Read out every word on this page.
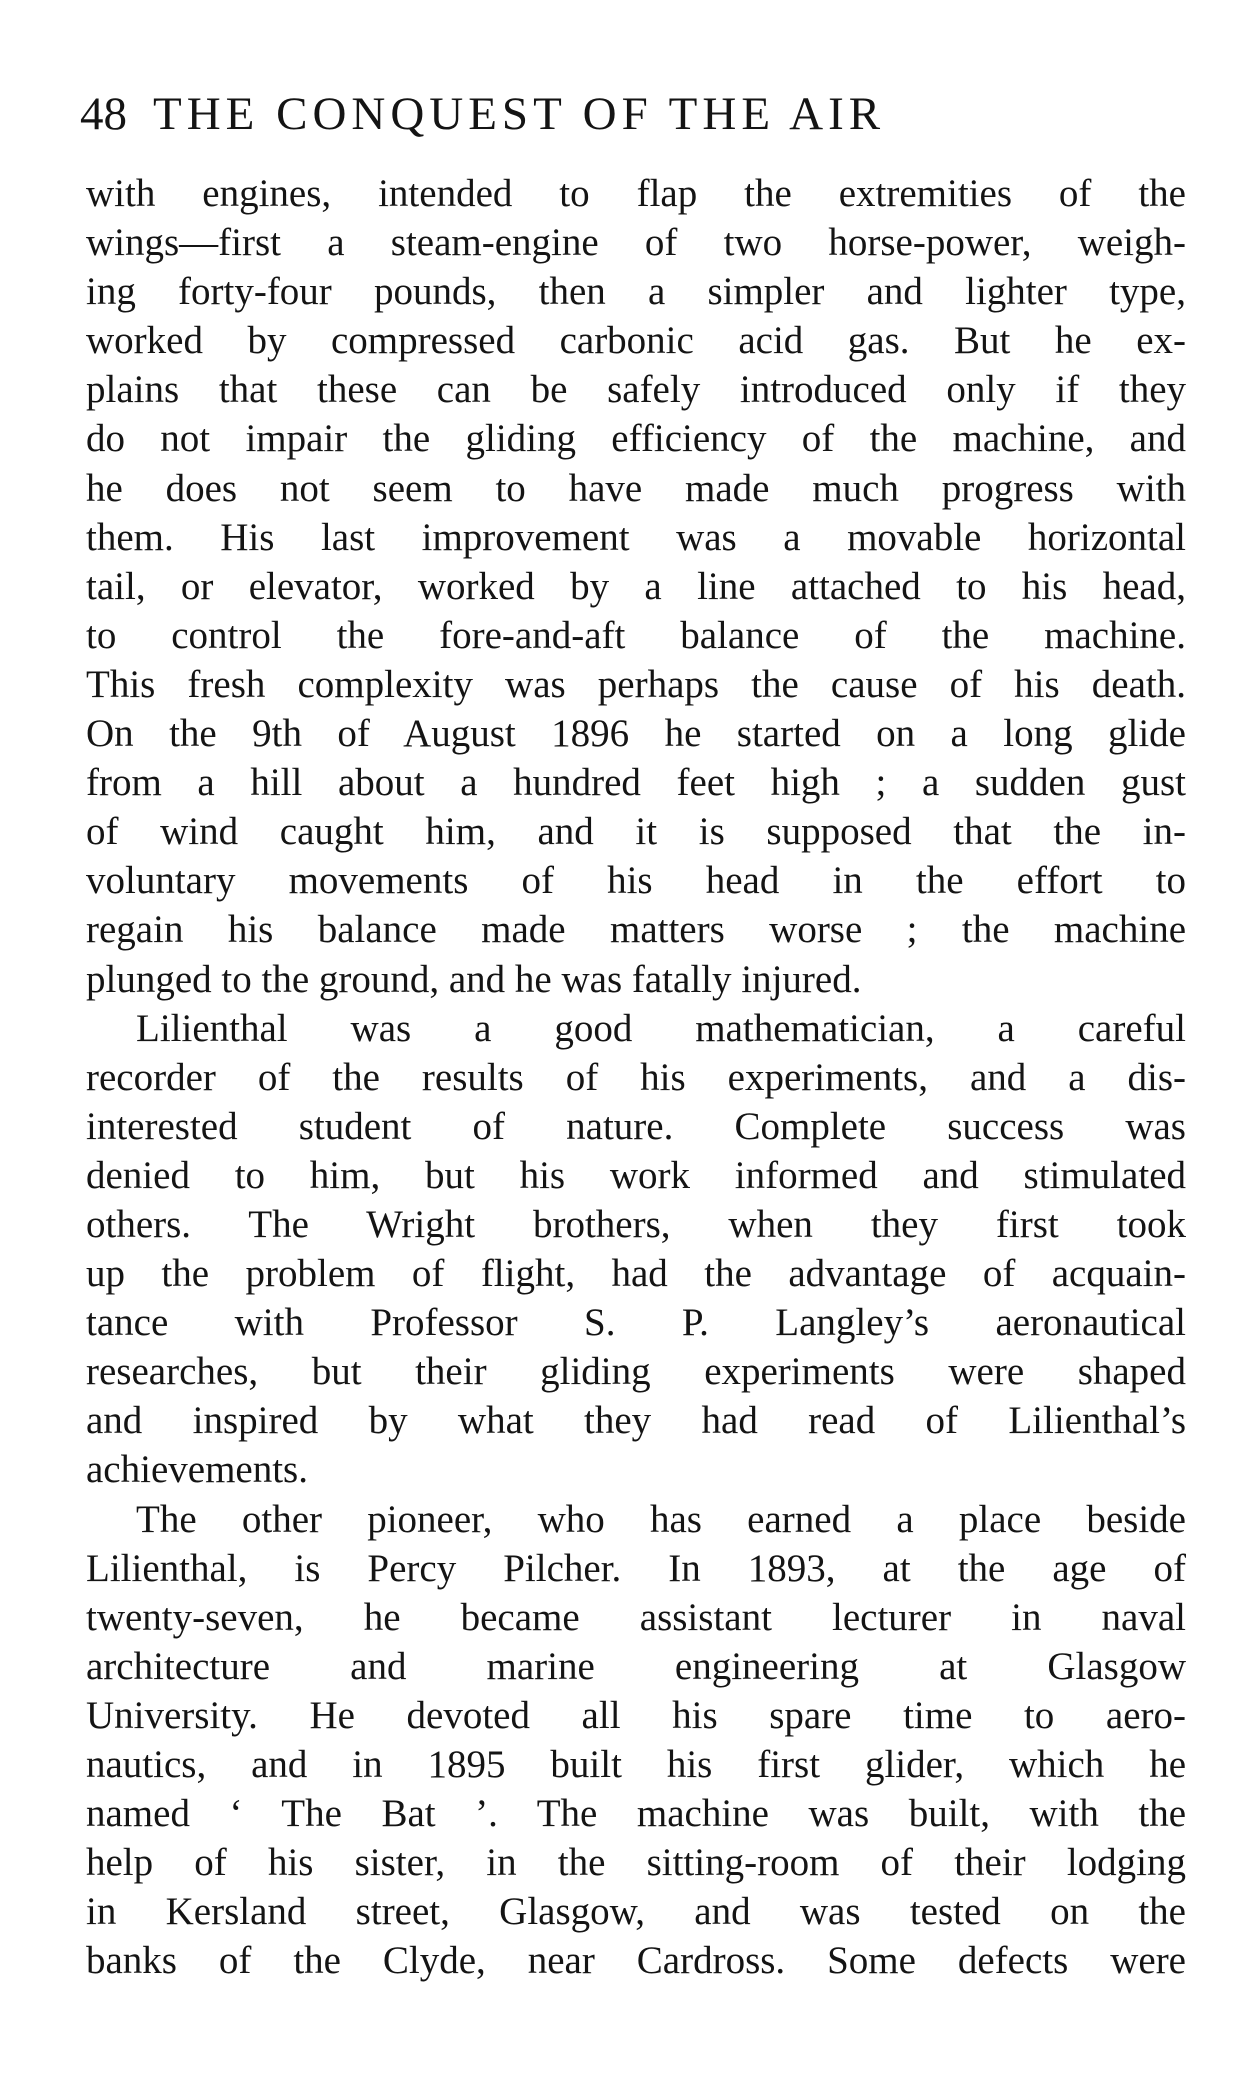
48 THE CONQUEST OF THE AIR
with engines, intended to flap the extremities of the
wings—first a steam-engine of two horse-power, weigh-
ing forty-four pounds, then a simpler and lighter type,
worked by compressed carbonic acid gas. But he ex-
plains that these can be safely introduced only if they
do not impair the gliding efficiency of the machine, and
he does not seem to have made much progress with
them. His last improvement was a movable horizontal
tail, or elevator, worked by a line attached to his head,
to control the fore-and-aft balance of the machine.
This fresh complexity was perhaps the cause of his death.
On the 9th of August 1896 he started on a long glide
from a hill about a hundred feet high ; a sudden gust
of wind caught him, and it is supposed that the in-
voluntary movements of his head in the effort to
regain his balance made matters worse ; the machine
plunged to the ground, and he was fatally injured.
Lilienthal was a good mathematician, a careful
recorder of the results of his experiments, and a dis-
interested student of nature. Complete success was
denied to him, but his work informed and stimulated
others. The Wright brothers, when they first took
up the problem of flight, had the advantage of acquain-
tance with Professor S. P. Langley’s aeronautical
researches, but their gliding experiments were shaped
and inspired by what they had read of Lilienthal’s
achievements.
The other pioneer, who has earned a place beside
Lilienthal, is Percy Pilcher. In 1893, at the age of
twenty-seven, he became assistant lecturer in naval
architecture and marine engineering at Glasgow
University. He devoted all his spare time to aero-
nautics, and in 1895 built his first glider, which he
named ‘ The Bat ’. The machine was built, with the
help of his sister, in the sitting-room of their lodging
in Kersland street, Glasgow, and was tested on the
banks of the Clyde, near Cardross. Some defects were
